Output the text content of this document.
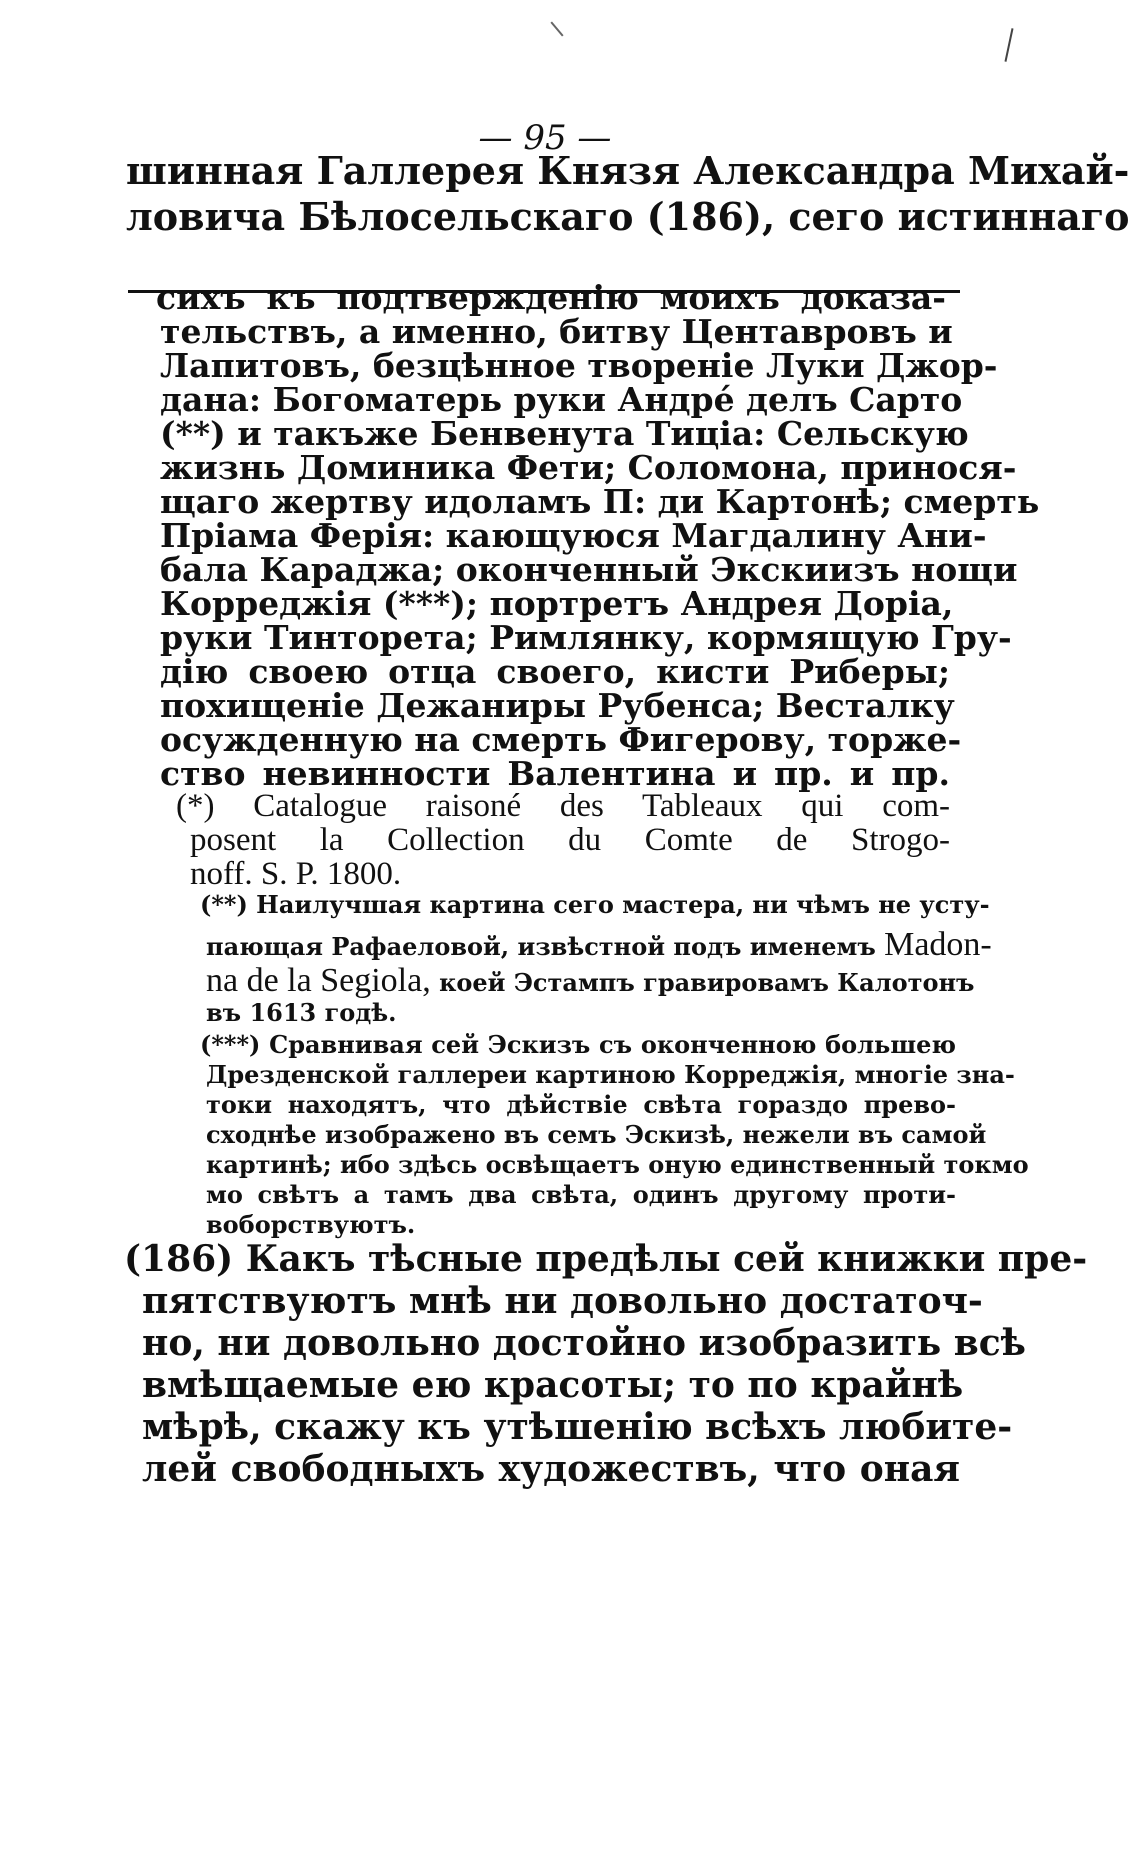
— 95 —
шинная Галлерея Князя Александра Михай-
ловича Бѣлосельскаго (186), сего истиннаго
сихъ къ подтвержденію моихъ доказа-
тельствъ, а именно, битву Центавровъ и
Лапитовъ, безцѣнное твореніе Луки Джор-
дана: Богоматерь руки Андрé делъ Сарто
(**) и такъже Бенвенута Тиціа: Сельскую
жизнь Доминика Фети; Соломона, принося-
щаго жертву идоламъ П: ди Картонѣ; смерть
Пріама Ферія: кающуюся Магдалину Ани-
бала Караджа; оконченный Экскиизъ нощи
Корреджія (***); портретъ Андрея Доріа,
руки Тинторета; Римлянку, кормящую Гру-
дію своею отца своего, кисти Риберы;
похищеніе Дежаниры Рубенса; Весталку
осужденную на смерть Фигерову, торже-
ство невинности Валентина и пр. и пр.
(*) Catalogue raisoné des Tableaux qui com-
posent la Collection du Comte de Strogo-
noff. S. P. 1800.
(**) Наилучшая картина сего мастера, ни чѣмъ не усту-
пающая Рафаеловой, извѣстной подъ именемъ Madon-
na de la Segiola, коей Эстампъ гравировамъ Калотонъ
въ 1613 годѣ.
(***) Сравнивая сей Эскизъ съ оконченною большею
Дрезденской галлереи картиною Корреджія, многіе зна-
токи находятъ, что дѣйствіе свѣта гораздо прево-
сходнѣе изображено въ семъ Эскизѣ, нежели въ самой
картинѣ; ибо здѣсь освѣщаетъ оную единственный токмо
мо свѣтъ а тамъ два свѣта, одинъ другому проти-
воборствуютъ.
(186) Какъ тѣсные предѣлы сей книжки пре-
пятствуютъ мнѣ ни довольно достаточ-
но, ни довольно достойно изобразить всѣ
вмѣщаемые ею красоты; то по крайнѣ
мѣрѣ, скажу къ утѣшенію всѣхъ любите-
лей свободныхъ художествъ, что оная
